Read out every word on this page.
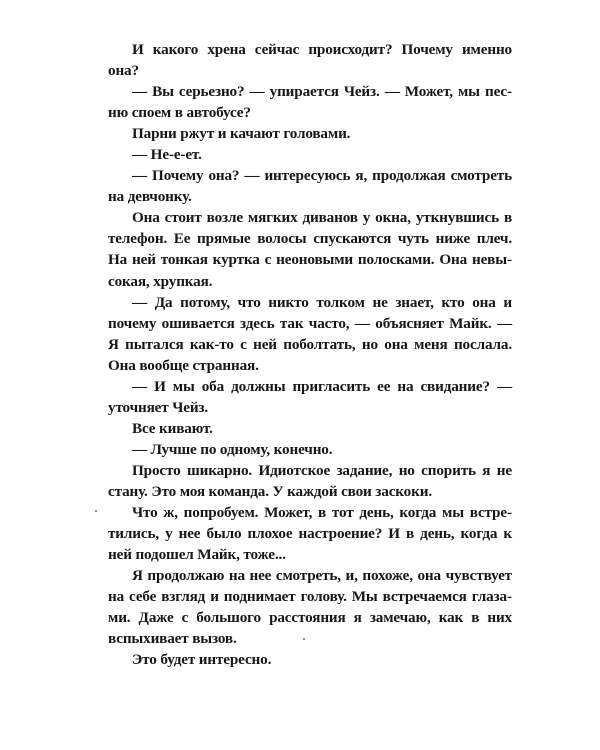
И какого хрена сейчас происходит? Почему именно она?

— Вы серьезно? — упирается Чейз. — Может, мы песню споем в автобусе?

Парни ржут и качают головами.

— Не-е-ет.

— Почему она? — интересуюсь я, продолжая смотреть на девчонку.

Она стоит возле мягких диванов у окна, уткнувшись в телефон. Ее прямые волосы спускаются чуть ниже плеч. На ней тонкая куртка с неоновыми полосками. Она невысокая, хрупкая.

— Да потому, что никто толком не знает, кто она и почему ошивается здесь так часто, — объясняет Майк. — Я пытался как-то с ней поболтать, но она меня послала. Она вообще странная.

— И мы оба должны пригласить ее на свидание? — уточняет Чейз.

Все кивают.

— Лучше по одному, конечно.

Просто шикарно. Идиотское задание, но спорить я не стану. Это моя команда. У каждой свои заскоки.

Что ж, попробуем. Может, в тот день, когда мы встретились, у нее было плохое настроение? И в день, когда к ней подошел Майк, тоже...

Я продолжаю на нее смотреть, и, похоже, она чувствует на себе взгляд и поднимает голову. Мы встречаемся глазами. Даже с большого расстояния я замечаю, как в них вспыхивает вызов.

Это будет интересно.
